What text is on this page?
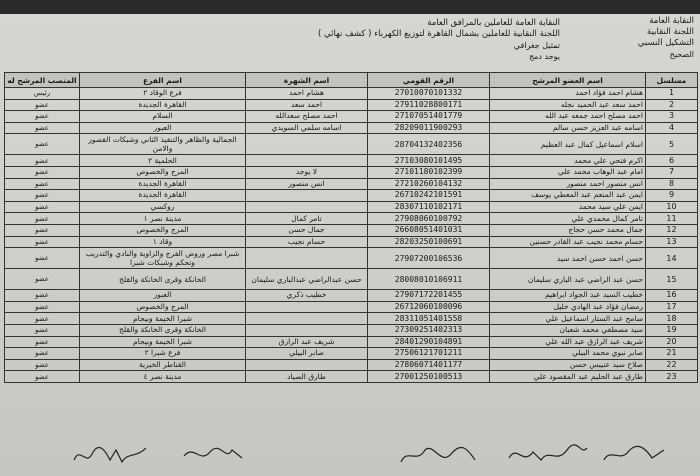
النقابة العامة
اللجنة النقابية
التشكيل النسبي
الصحيح
النقابة العامة للعاملين بالمرافق العامة
اللجنة النقابية للعاملين بشمال القاهرة لتوزيع الكهرباء ( كشف نهائي )
تمثيل جغرافي
يوجد دمج
مسلسل	اسم العضو المرشح	الرقم القومي	اسم الشهرة	اسم الفرع	المنصب المرشح له
1	هشام احمد فؤاد احمد	27010070101332	هشام احمد	فرع الوقاد ٢	رئيس
2	احمد سعد عبد الحميد نجله	27911028800171	احمد سعد	القاهرة الجديدة	عضو
3	احمد مصلح احمد جمعه عبد الله	27107051401779	احمد مصلح سعدالله	السلام	عضو
4	اسامه عبد العزيز حسن سالم	28209011900293	اسامه سلمي السويدي	العبور	عضو
5	اسلام اسماعيل كمال عبد العظيم	28704132402356		الجمالية والظاهر والتنفيذ الثاني وشبكات القصور والامن	عضو
6	اكرم فتحي علي محمد	27103080101495		الحلمية ٢	عضو
7	امام عبد الوهاب محمد علي	27101180102399	لا يوجد	المرج والخصوص	عضو
8	انس منصور احمد منصور	27210260104132	انس منصور	القاهرة الجديدة	عضو
9	ايمن عبد المنعم عبد المعطي يوسف	26710242101591		القاهرة الجديدة	عضو
10	ايمن علي سيد محمد	28307110102171		روكسي	عضو
11	تامر كمال محمدي علي	27908060100792	تامر كمال	مدينة نصر ١	عضو
12	جمال محمد حسن حجاج	26608051401031	جمال حسن	المرج والخصوص	عضو
13	حسام محمد نجيب عبد القادر حسنين	28203250100691	حسام نجيب	وقاد ١	عضو
14	حسن احمد حسن احمد سيد	27907200106536		شبرا مصر وروض الفرج والزاوية والنادي والتدريب وتحكم وشبكات شبرا	عضو
15	حسن عبد الراضي عبد الباري سليمان	28008010106911	حسن عبدالراضي عبدالباري سليمان	الخانكة وقرى الخانكة والقلج	عضو
16	خطيب السيد عبد الجواد ابراهيم	27907172201455	خطيب ذكري	العبور	عضو
17	رمضان فؤاد عبد الهادي خليل	26712060100096		المرج والخصوص	عضو
18	سامح عبد الستار اسماعيل علي	28311051401558		شبرا الخيمة وبيجام	عضو
19	سيد مصطفي محمد شعبان	27309251402313		الخانكة وقرى الخانكة والقلج	عضو
20	شريف عبد الرازق عبد الله علي	28401290104891	شريف عبد الرازق	شبرا الخيمة وبيجام	عضو
21	صابر نبوي محمد البيلي	27506121701211	صابر البيلي	فرع شبرا ٢	عضو
22	صلاح سيد عنيبس حسن	27806071401177		القناطر الخيرية	عضو
23	طارق عبد الحليم عبد المقصود علي	27001250100513	طارق الصياد	مدينة نصر ٤	عضو
